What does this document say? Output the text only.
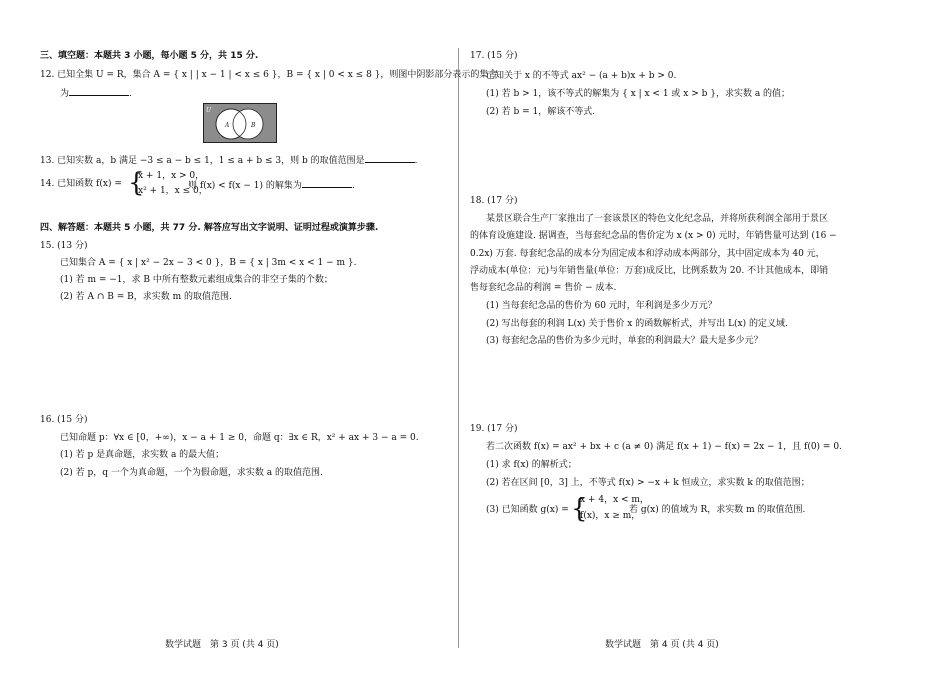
三、填空题：本题共 3 小题，每小题 5 分，共 15 分.
12. 已知全集 U = R，集合 A = { x | | x − 1 | < x ≤ 6 }，B = { x | 0 < x ≤ 8 }，则图中阴影部分表示的集合
为	.
U
A	B
13. 已知实数 a，b 满足 −3 ≤ a − b ≤ 1，1 ≤ a + b ≤ 3，则 b 的取值范围是	.
14. 已知函数 f(x) = {
x + 1，x > 0，
x² + 1，x ≤ 0，
则 f(x) < f(x − 1) 的解集为	.
四、解答题：本题共 5 小题，共 77 分. 解答应写出文字说明、证明过程或演算步骤.
15. (13 分)
已知集合 A = { x | x² − 2x − 3 < 0 }，B = { x | 3m < x < 1 − m }.
(1) 若 m = −1，求 B 中所有整数元素组成集合的非空子集的个数；
(2) 若 A ∩ B = B，求实数 m 的取值范围.
16. (15 分)
已知命题 p：∀x ∈ [0，+∞)，x − a + 1 ≥ 0，命题 q：∃x ∈ R，x² + ax + 3 − a = 0.
(1) 若 p 是真命题，求实数 a 的最大值；
(2) 若 p，q 一个为真命题，一个为假命题，求实数 a 的取值范围.
数学试题　第 3 页 (共 4 页)
17. (15 分)
已知关于 x 的不等式 ax² − (a + b)x + b > 0.
(1) 若 b > 1，该不等式的解集为 { x | x < 1 或 x > b }，求实数 a 的值；
(2) 若 b = 1，解该不等式.
18. (17 分)
某景区联合生产厂家推出了一套该景区的特色文化纪念品，并将所获利润全部用于景区
的体育设施建设. 据调查，当每套纪念品的售价定为 x (x > 0) 元时，年销售量可达到 (16 −
0.2x) 万套. 每套纪念品的成本分为固定成本和浮动成本两部分，其中固定成本为 40 元，
浮动成本(单位：元)与年销售量(单位：万套)成反比，比例系数为 20. 不计其他成本，即销
售每套纪念品的利润 = 售价 − 成本.
(1) 当每套纪念品的售价为 60 元时，年利润是多少万元？
(2) 写出每套的利润 L(x) 关于售价 x 的函数解析式，并写出 L(x) 的定义域.
(3) 每套纪念品的售价为多少元时，单套的利润最大？最大是多少元？
19. (17 分)
若二次函数 f(x) = ax² + bx + c (a ≠ 0) 满足 f(x + 1) − f(x) = 2x − 1，且 f(0) = 0.
(1) 求 f(x) 的解析式；
(2) 若在区间 [0，3] 上，不等式 f(x) > −x + k 恒成立，求实数 k 的取值范围；
(3) 已知函数 g(x) = {
x + 4，x < m，
f(x)，x ≥ m，
若 g(x) 的值域为 R，求实数 m 的取值范围.
数学试题　第 4 页 (共 4 页)
